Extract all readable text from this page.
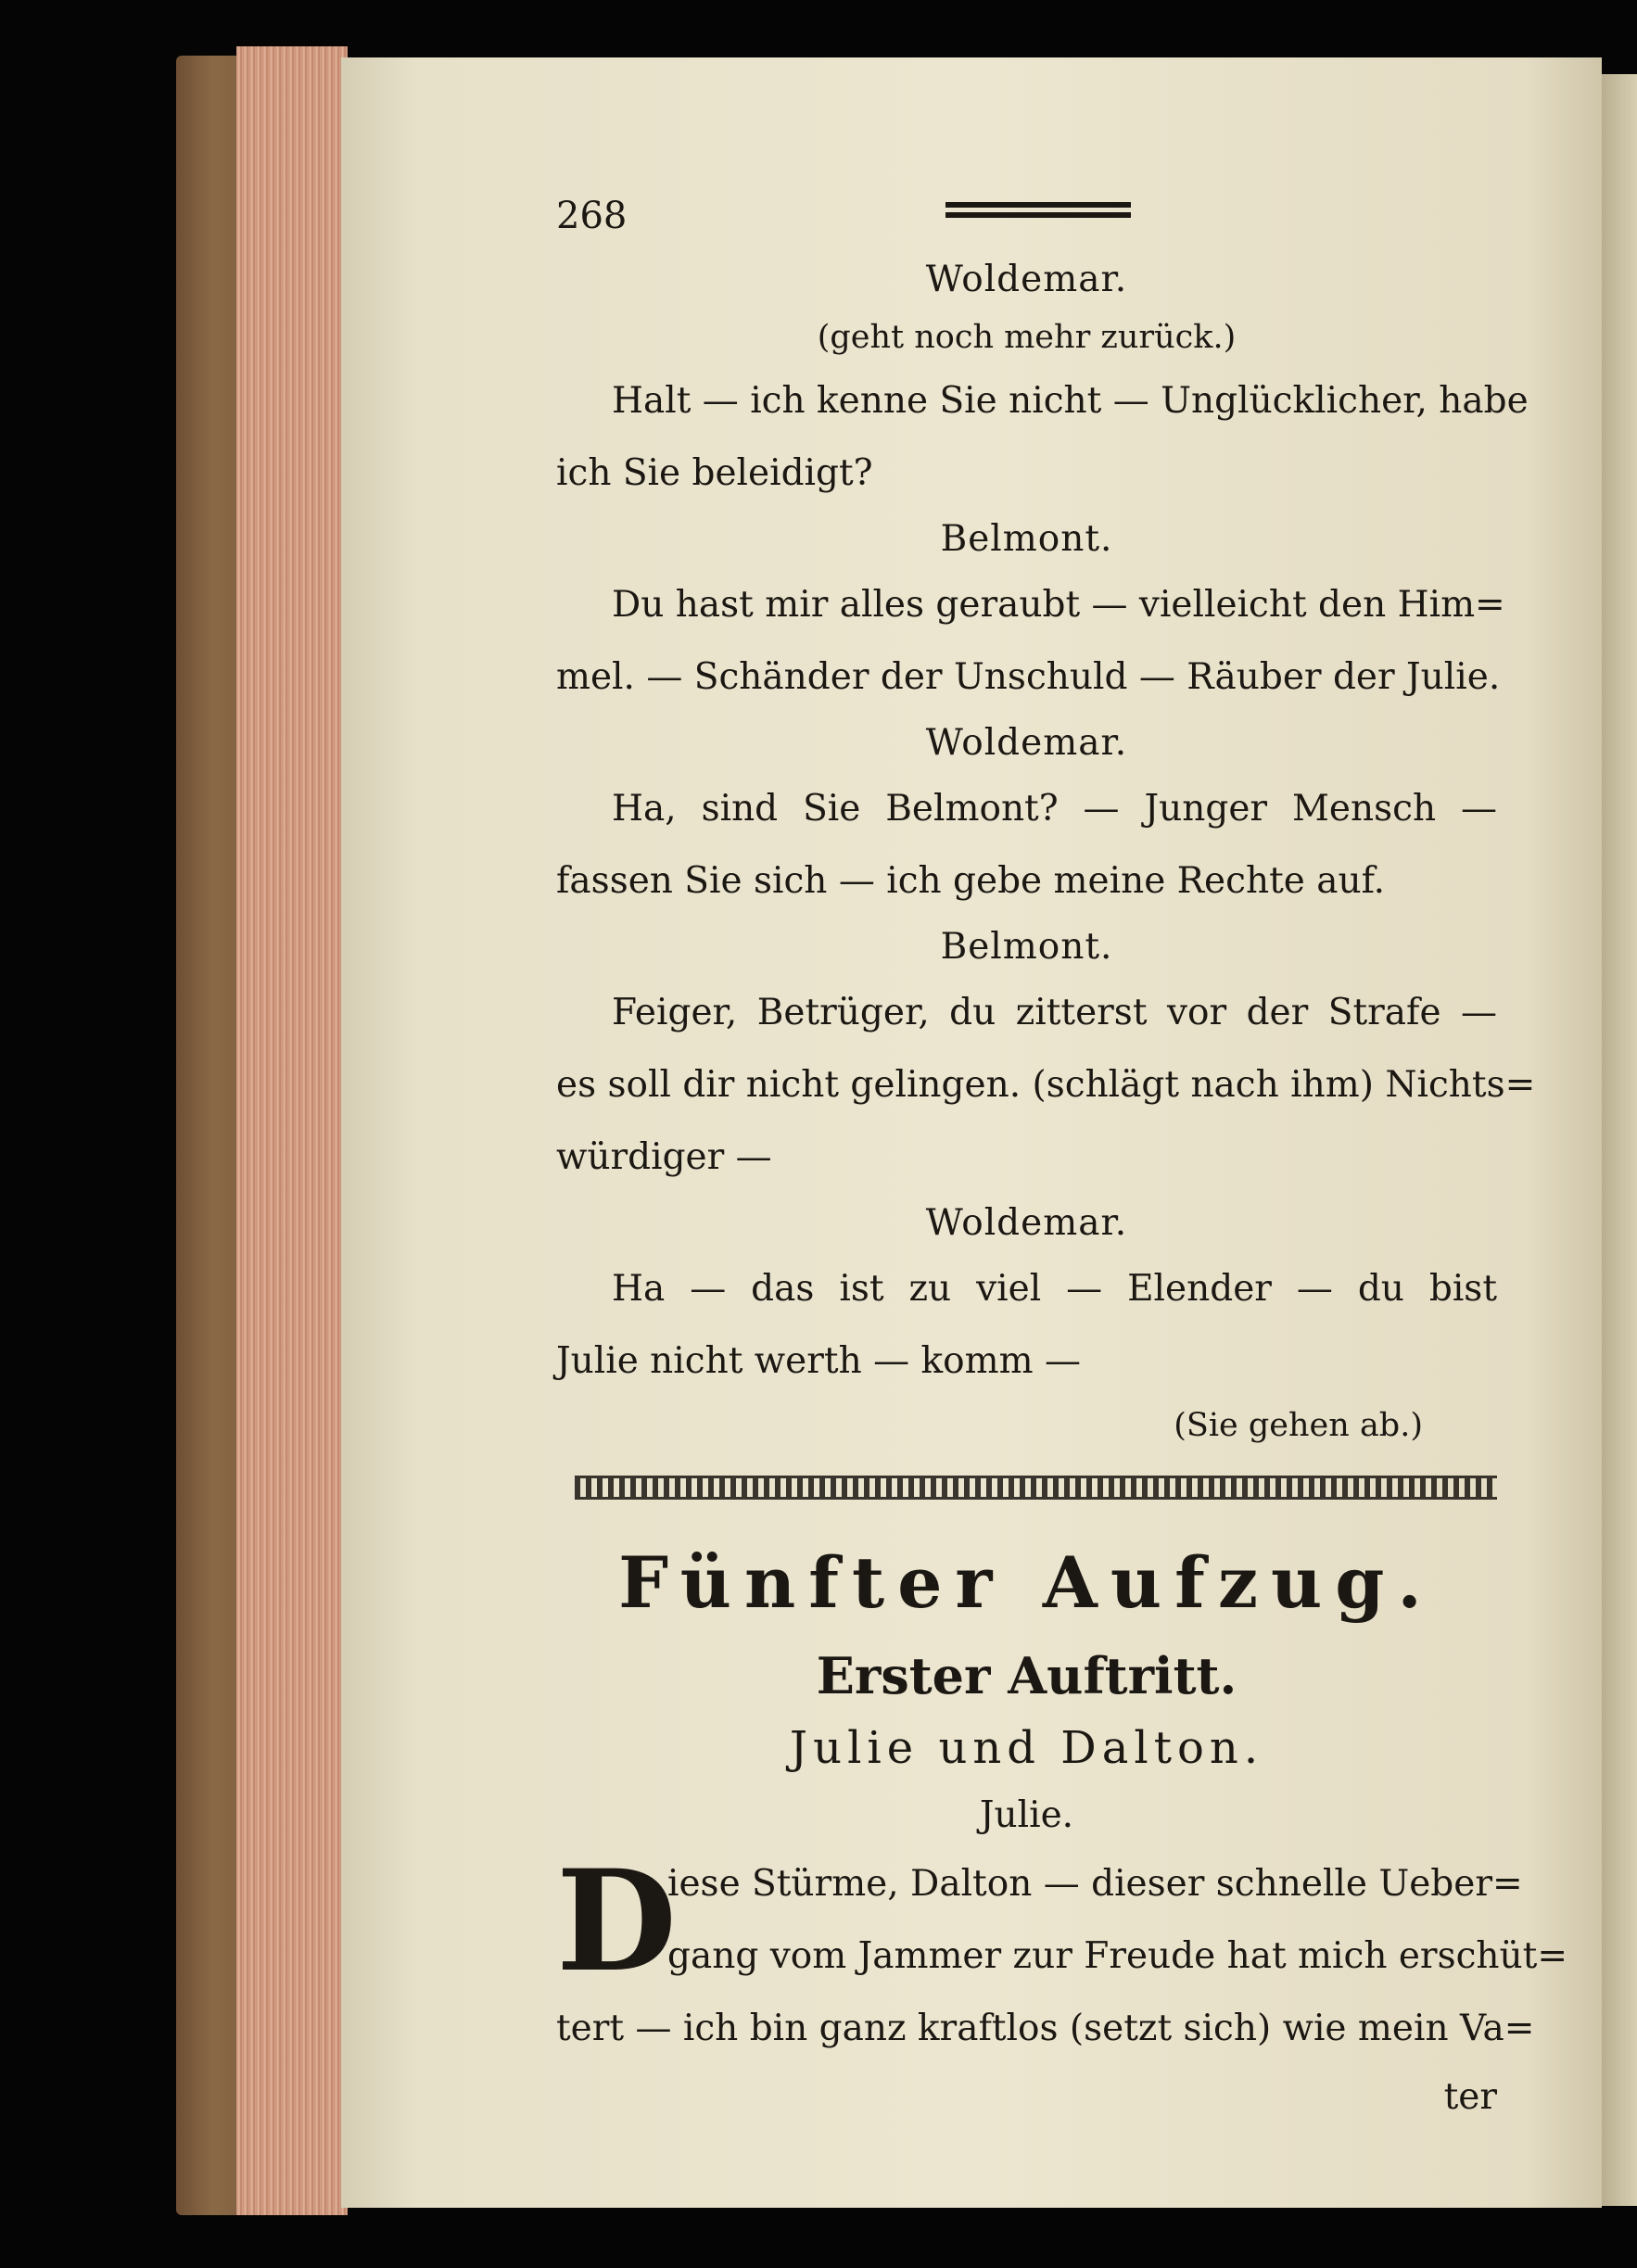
268
Woldemar.
(geht noch mehr zurück.)
Halt — ich kenne Sie nicht — Unglücklicher, habe
ich Sie beleidigt?
Belmont.
Du hast mir alles geraubt — vielleicht den Him=
mel. — Schänder der Unschuld — Räuber der Julie.
Woldemar.
Ha, sind Sie Belmont? — Junger Mensch —
fassen Sie sich — ich gebe meine Rechte auf.
Belmont.
Feiger, Betrüger, du zitterst vor der Strafe —
es soll dir nicht gelingen. (schlägt nach ihm) Nichts=
würdiger —
Woldemar.
Ha — das ist zu viel — Elender — du bist
Julie nicht werth — komm —
(Sie gehen ab.)
Fünfter Aufzug.
Erster Auftritt.
Julie und Dalton.
Julie.
D
iese Stürme, Dalton — dieser schnelle Ueber=
gang vom Jammer zur Freude hat mich erschüt=
tert — ich bin ganz kraftlos (setzt sich) wie mein Va=
ter
